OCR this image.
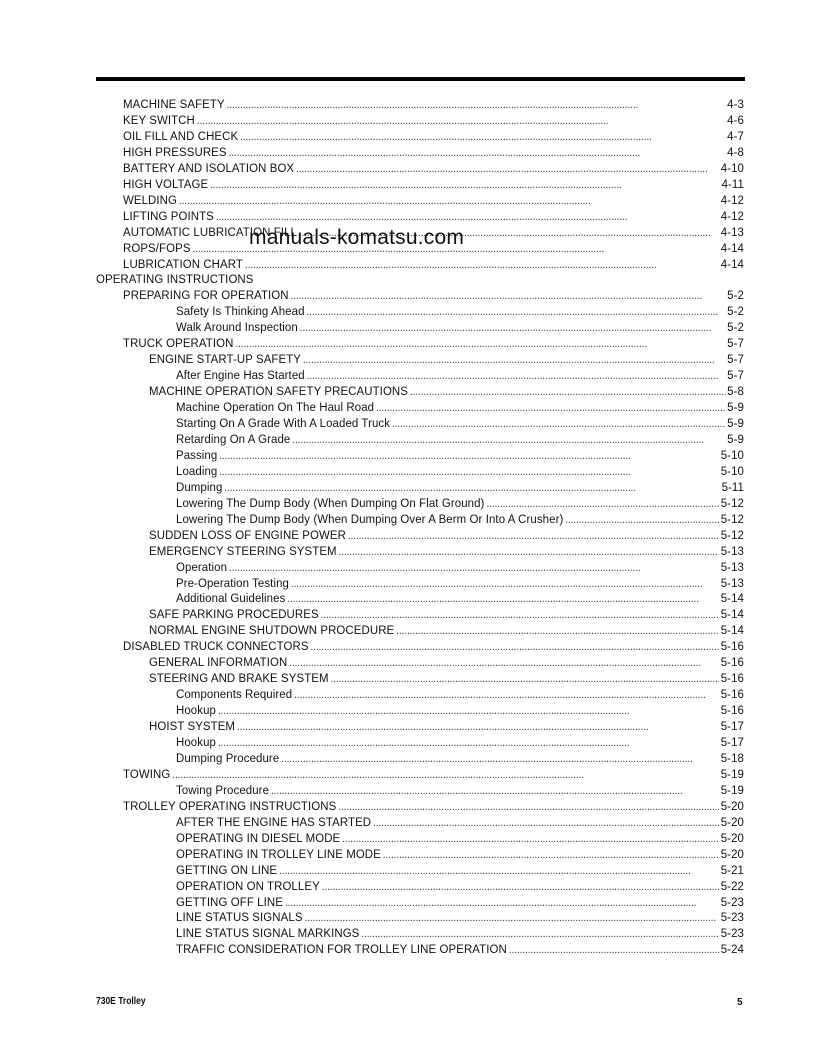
MACHINE SAFETY . . .	4-3
KEY SWITCH . . .	4-6
OIL FILL AND CHECK . . .	4-7
HIGH PRESSURES . . .	4-8
BATTERY AND ISOLATION BOX . . .	4-10
HIGH VOLTAGE . . .	4-11
WELDING . . .	4-12
LIFTING POINTS . . .	4-12
AUTOMATIC LUBRICATION FILL . . .	4-13
ROPS/FOPS . . .	4-14
LUBRICATION CHART . . .	4-14
OPERATING INSTRUCTIONS
PREPARING FOR OPERATION . . .	5-2
Safety Is Thinking Ahead . . .	5-2
Walk Around Inspection . . .	5-2
TRUCK OPERATION . . .	5-7
ENGINE START-UP SAFETY . . .	5-7
After Engine Has Started . . .	5-7
MACHINE OPERATION SAFETY PRECAUTIONS . . .	5-8
Machine Operation On The Haul Road . . .	5-9
Starting On A Grade With A Loaded Truck . . .	5-9
Retarding On A Grade . . .	5-9
Passing . . .	5-10
Loading . . .	5-10
Dumping . . .	5-11
Lowering The Dump Body (When Dumping On Flat Ground) . . .	5-12
Lowering The Dump Body (When Dumping Over A Berm Or Into A Crusher) . . .	5-12
SUDDEN LOSS OF ENGINE POWER . . .	5-12
EMERGENCY STEERING SYSTEM . . .	5-13
Operation . . .	5-13
Pre-Operation Testing . . .	5-13
Additional Guidelines . . .	5-14
SAFE PARKING PROCEDURES . . .	5-14
NORMAL ENGINE SHUTDOWN PROCEDURE . . .	5-14
DISABLED TRUCK CONNECTORS . . .	5-16
GENERAL INFORMATION . . .	5-16
STEERING AND BRAKE SYSTEM . . .	5-16
Components Required . . .	5-16
Hookup . . .	5-16
HOIST SYSTEM . . .	5-17
Hookup . . .	5-17
Dumping Procedure . . .	5-18
TOWING . . .	5-19
Towing Procedure . . .	5-19
TROLLEY OPERATING INSTRUCTIONS . . .	5-20
AFTER THE ENGINE HAS STARTED . . .	5-20
OPERATING IN DIESEL MODE . . .	5-20
OPERATING IN TROLLEY LINE MODE . . .	5-20
GETTING ON LINE . . .	5-21
OPERATION ON TROLLEY . . .	5-22
GETTING OFF LINE . . .	5-23
LINE STATUS SIGNALS . . .	5-23
LINE STATUS SIGNAL MARKINGS . . .	5-23
TRAFFIC CONSIDERATION FOR TROLLEY LINE OPERATION . . .	5-24
manuals-komatsu.com
730E Trolley	5
